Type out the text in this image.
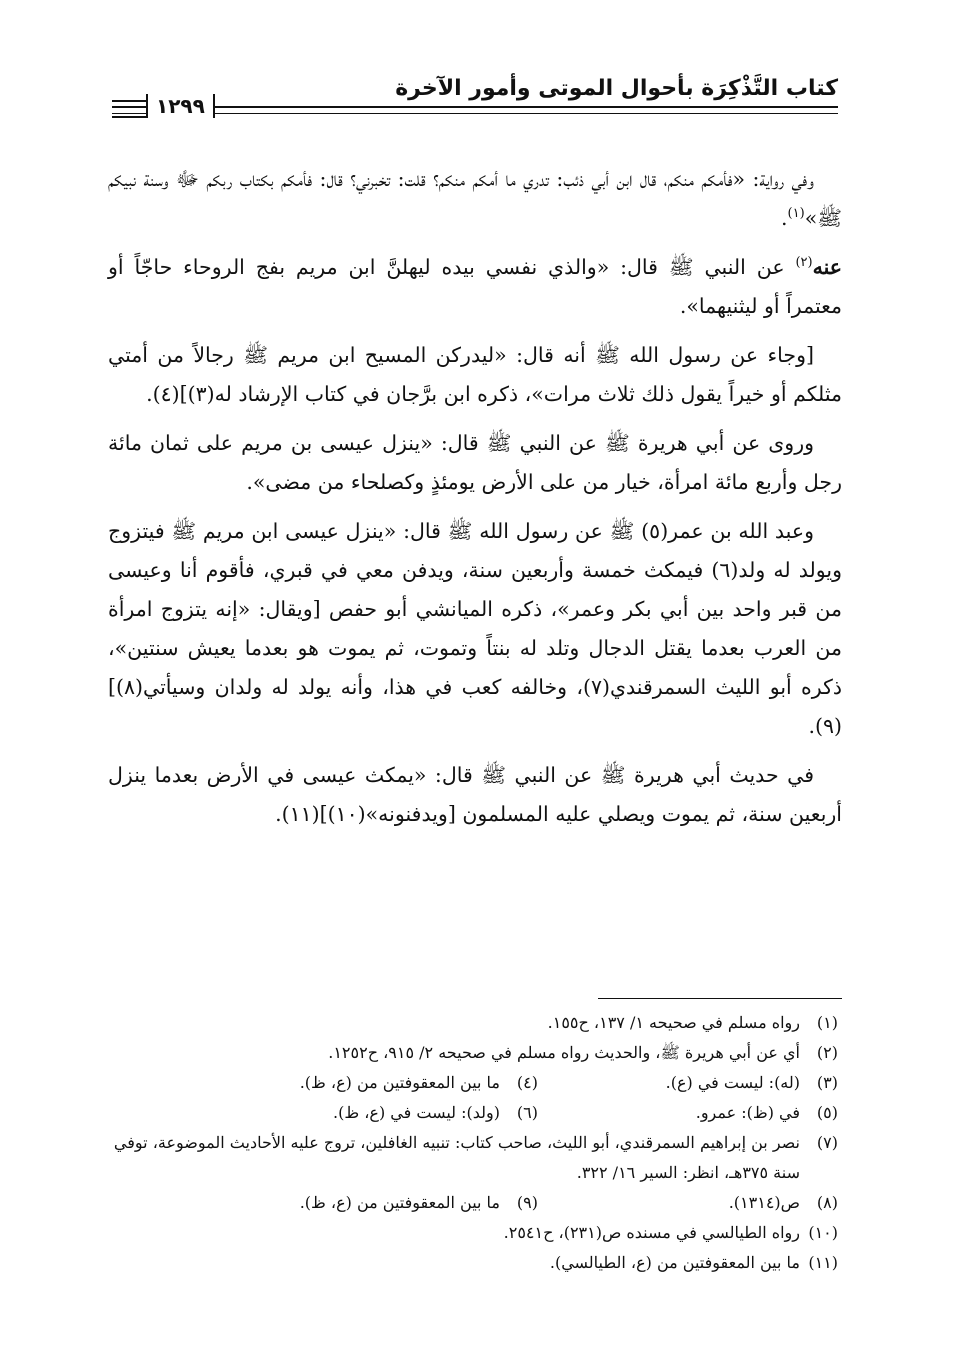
كتاب التَّذْكِرَة بأحوال الموتى وأمور الآخرة
١٢٩٩

وفي رواية: «فأمكم منكم، قال ابن أبي ذئب: تدري ما أمكم منكم؟ قلت: تخبرني؟ قال: فأمكم بكتاب ربكم ﷻ وسنة نبيكم ﷺ»$^{(١)}$.

عنه$^{(٢)}$ عن النبي ﷺ قال: «والذي نفسي بيده ليهلنَّ ابن مريم بفج الروحاء حاجّاً أو معتمراً أو ليثنيهما».

[وجاء عن رسول الله ﷺ أنه قال: «ليدركن المسيح ابن مريم ﷺ رجالاً من أمتي مثلكم أو خيراً يقول ذلك ثلاث مرات»، ذكره ابن برَّجان في كتاب الإرشاد له(٣)](٤).

وروى عن أبي هريرة ﷺ عن النبي ﷺ قال: «ينزل عيسى بن مريم على ثمان مائة رجل وأربع مائة امرأة، خيار من على الأرض يومئذٍ وكصلحاء من مضى».

وعبد الله بن عمر(٥) ﷺ عن رسول الله ﷺ قال: «ينزل عيسى ابن مريم ﷺ فيتزوج ويولد له ولد(٦) فيمكث خمسة وأربعين سنة، ويدفن معي في قبري، فأقوم أنا وعيسى من قبر واحد بين أبي بكر وعمر»، ذكره الميانشي أبو حفص [ويقال: «إنه يتزوج امرأة من العرب بعدما يقتل الدجال وتلد له بنتاً وتموت، ثم يموت هو بعدما يعيش سنتين»، ذكره أبو الليث السمرقندي(٧)، وخالفه كعب في هذا، وأنه يولد له ولدان وسيأتي(٨)](٩).

في حديث أبي هريرة ﷺ عن النبي ﷺ قال: «يمكث عيسى في الأرض بعدما ينزل أربعين سنة، ثم يموت ويصلي عليه المسلمون [ويدفنونه»(١٠)](١١).

(١)
رواه مسلم في صحيحه ١/ ١٣٧، ح١٥٥.
(٢)
أي عن أبي هريرة ﷺ، والحديث رواه مسلم في صحيحه ٢/ ٩١٥، ح١٢٥٢.
(٣)
(له): ليست في (ع).
(٤)
ما بين المعقوفتين من (ع، ظ).
(٥)
في (ظ): عمرو.
(٦)
(ولد): ليست في (ع، ظ).
(٧)
نصر بن إبراهيم السمرقندي، أبو الليث، صاحب كتاب: تنبيه الغافلين، تروج عليه الأحاديث الموضوعة، توفي سنة ٣٧٥هـ، انظر: السير ١٦/ ٣٢٢.
(٨)
ص(١٣١٤).
(٩)
ما بين المعقوفتين من (ع، ظ).
(١٠)
رواه الطيالسي في مسنده ص(٢٣١)، ح٢٥٤١.
(١١)
ما بين المعقوفتين من (ع، الطيالسي).
